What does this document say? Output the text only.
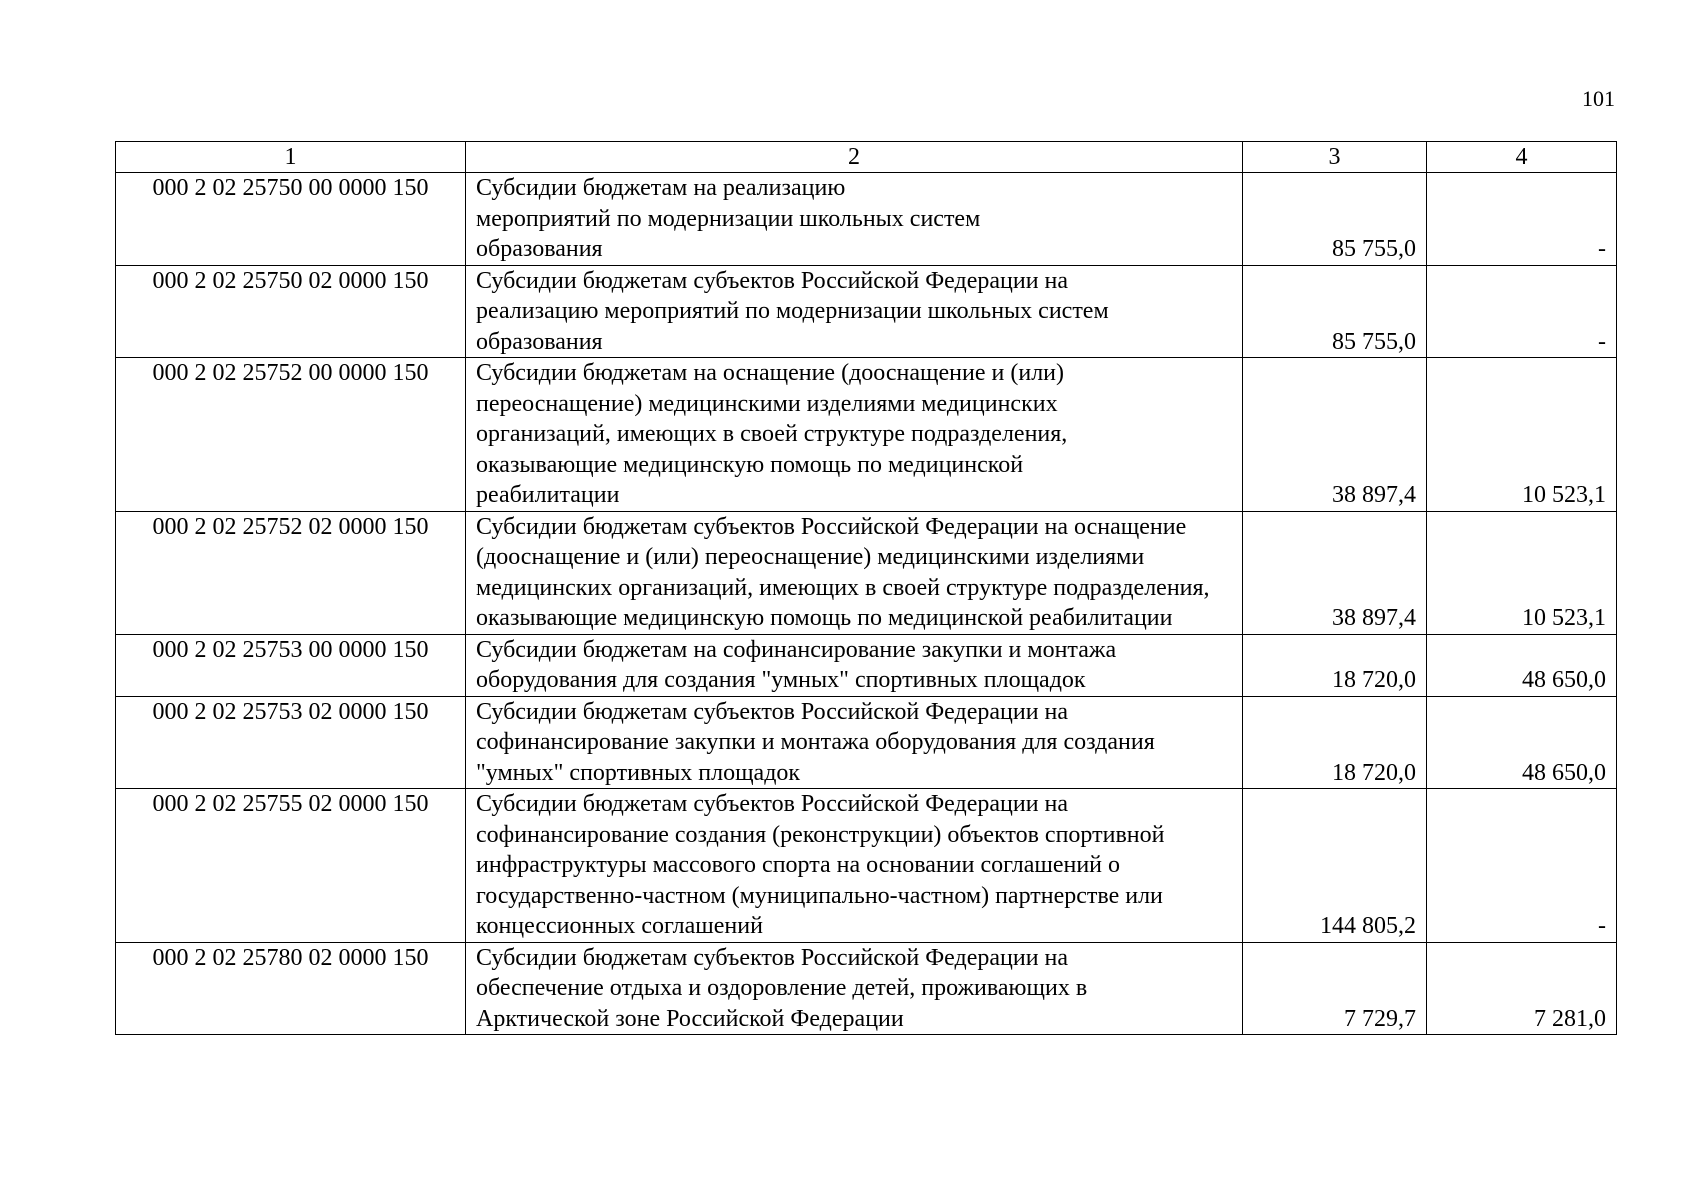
101
1	2	3	4
000 2 02 25750 00 0000 150	Субсидии бюджетам на реализацию мероприятий по модернизации школьных систем образования	85 755,0	-
000 2 02 25750 02 0000 150	Субсидии бюджетам субъектов Российской Федерации на реализацию мероприятий по модернизации школьных систем образования	85 755,0	-
000 2 02 25752 00 0000 150	Субсидии бюджетам на оснащение (дооснащение и (или) переоснащение) медицинскими изделиями медицинских организаций, имеющих в своей структуре подразделения, оказывающие медицинскую помощь по медицинской реабилитации	38 897,4	10 523,1
000 2 02 25752 02 0000 150	Субсидии бюджетам субъектов Российской Федерации на оснащение (дооснащение и (или) переоснащение) медицинскими изделиями медицинских организаций, имеющих в своей структуре подразделения, оказывающие медицинскую помощь по медицинской реабилитации	38 897,4	10 523,1
000 2 02 25753 00 0000 150	Субсидии бюджетам на софинансирование закупки и монтажа оборудования для создания "умных" спортивных площадок	18 720,0	48 650,0
000 2 02 25753 02 0000 150	Субсидии бюджетам субъектов Российской Федерации на софинансирование закупки и монтажа оборудования для создания "умных" спортивных площадок	18 720,0	48 650,0
000 2 02 25755 02 0000 150	Субсидии бюджетам субъектов Российской Федерации на софинансирование создания (реконструкции) объектов спортивной инфраструктуры массового спорта на основании соглашений о государственно-частном (муниципально-частном) партнерстве или концессионных соглашений	144 805,2	-
000 2 02 25780 02 0000 150	Субсидии бюджетам субъектов Российской Федерации на обеспечение отдыха и оздоровление детей, проживающих в Арктической зоне Российской Федерации	7 729,7	7 281,0
